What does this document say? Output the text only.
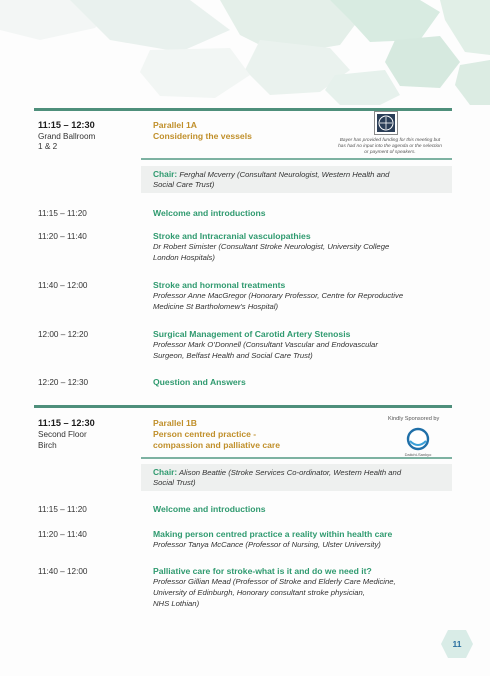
11:15 – 12:30
Grand Ballroom
1 & 2
Parallel 1A
Considering the vessels	Bayer has provided funding for this meeting but has had no input into the agenda or the selection or payment of speakers.
Chair: Ferghal Mcverry (Consultant Neurologist, Western Health and
Social Care Trust)
11:15 – 11:20	Welcome and introductions
11:20 – 11:40	Stroke and Intracranial vasculopathies
Dr Robert Simister (Consultant Stroke Neurologist, University College
London Hospitals)
11:40 – 12:00	Stroke and hormonal treatments
Professor Anne MacGregor (Honorary Professor, Centre for Reproductive
Medicine St Bartholomew’s Hospital)
12:00 – 12:20	Surgical Management of Carotid Artery Stenosis
Professor Mark O’Donnell (Consultant Vascular and Endovascular
Surgeon, Belfast Health and Social Care Trust)
12:20 – 12:30	Question and Answers
11:15 – 12:30
Second Floor
Birch
Parallel 1B
Person centred practice -
compassion and palliative care
Kindly Sponsored by
Daiichi-Sankyo
Chair: Alison Beattie (Stroke Services Co-ordinator, Western Health and
Social Trust)
11:15 – 11:20	Welcome and introductions
11:20 – 11:40	Making person centred practice a reality within health care
Professor Tanya McCance (Professor of Nursing, Ulster University)
11:40 – 12:00	Palliative care for stroke-what is it and do we need it?
Professor Gillian Mead (Professor of Stroke and Elderly Care Medicine,
University of Edinburgh, Honorary consultant stroke physician,
NHS Lothian)
11
